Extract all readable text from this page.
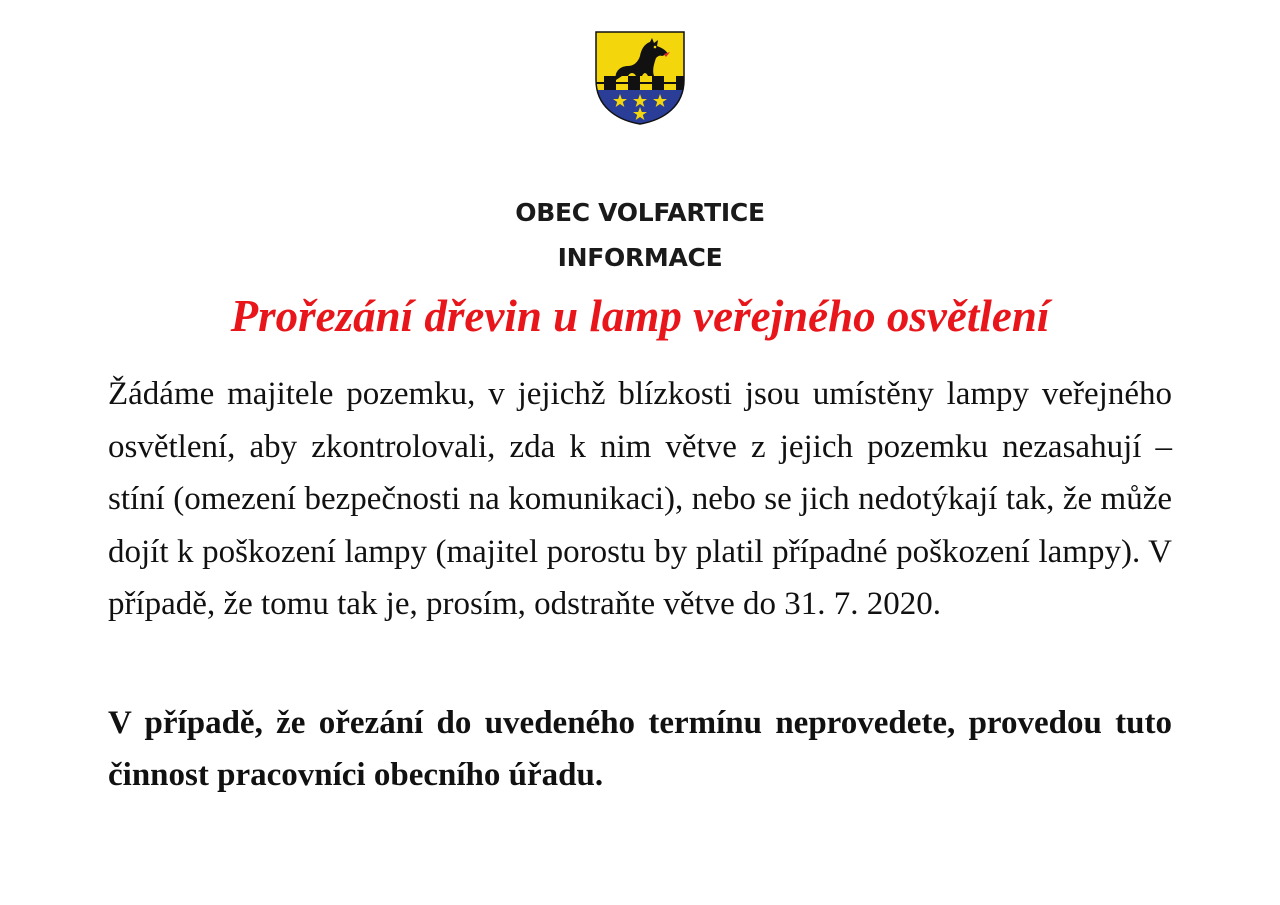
OBEC VOLFARTICE
INFORMACE
Prořezání dřevin u lamp veřejného osvětlení
Žádáme majitele pozemku, v jejichž blízkosti jsou umístěny lampy veřejného osvětlení, aby zkontrolovali, zda k nim větve z jejich pozemku nezasahují – stíní (omezení bezpečnosti na komunikaci), nebo se jich nedotýkají tak, že může dojít k poškození lampy (majitel porostu by platil případné poškození lampy). V případě, že tomu tak je, prosím, odstraňte větve do 31. 7. 2020.
V případě, že ořezání do uvedeného termínu neprovedete, provedou tuto činnost pracovníci obecního úřadu.
